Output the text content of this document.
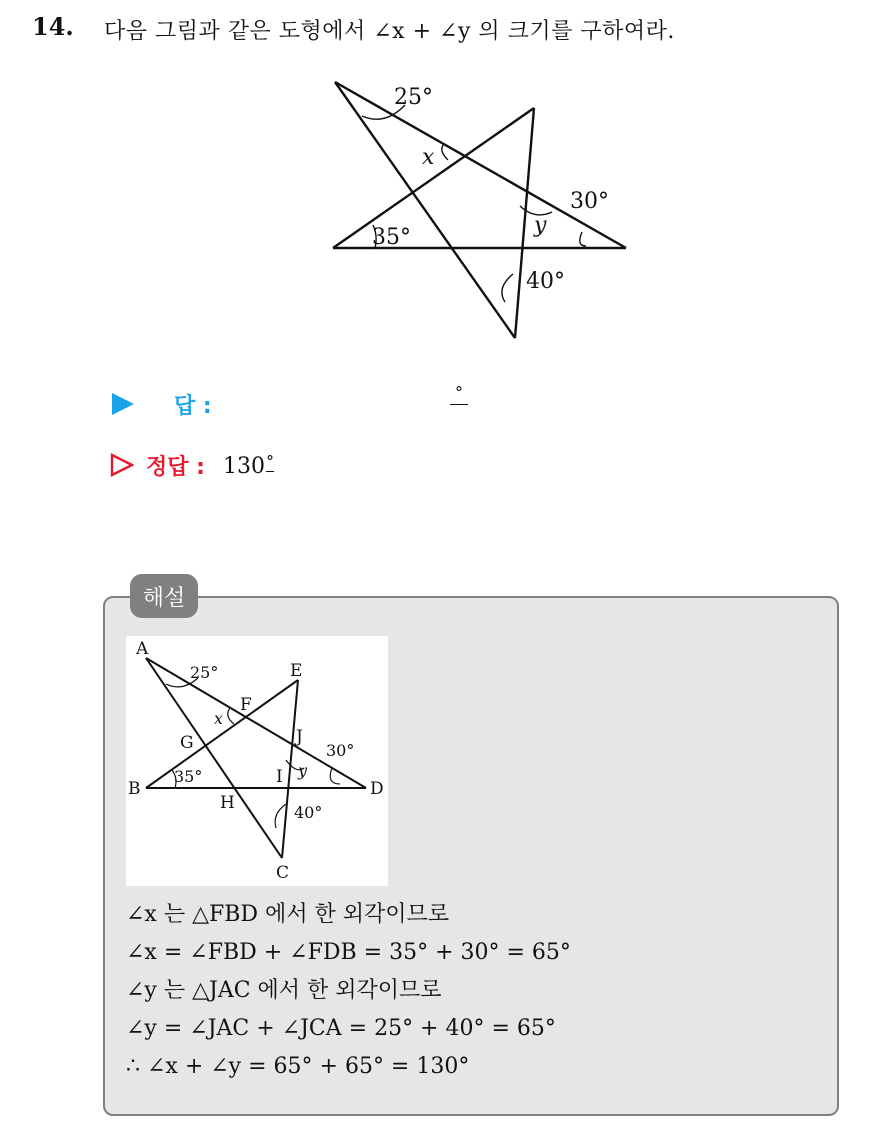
14. 다음 그림과 같은 도형에서 ∠x + ∠y 의 크기를 구하여라.
25°
x
30°
y
35°
40°
답 :
°
정답 : 130°
해설
A
B
C
D
E
F
G
H
I
J
25°
x
30°
y
35°
40°
∠x 는 △FBD 에서 한 외각이므로
∠x = ∠FBD + ∠FDB = 35° + 30° = 65°
∠y 는 △JAC 에서 한 외각이므로
∠y = ∠JAC + ∠JCA = 25° + 40° = 65°
∴ ∠x + ∠y = 65° + 65° = 130°
